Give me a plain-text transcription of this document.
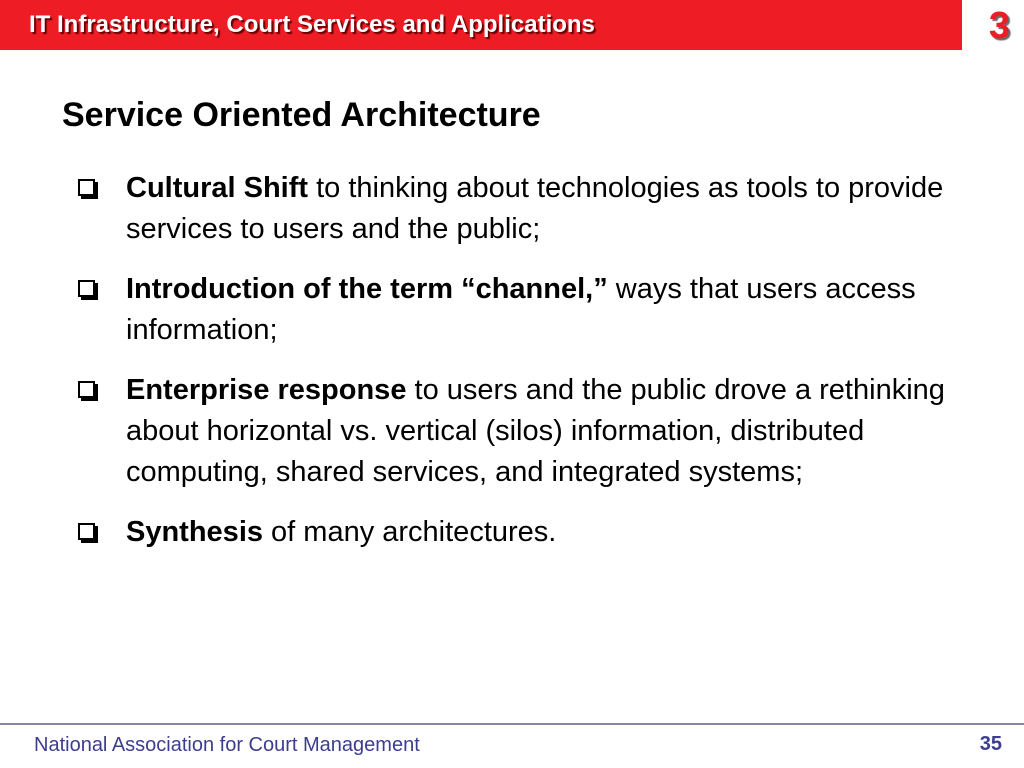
IT Infrastructure, Court Services and Applications	3
Service Oriented Architecture
Cultural Shift to thinking about technologies as tools to provide services to users and the public;
Introduction of the term “channel,” ways that users access information;
Enterprise response to users and the public drove a rethinking about horizontal vs. vertical (silos) information, distributed computing, shared services, and integrated systems;
Synthesis of many architectures.
National Association for Court Management	35
